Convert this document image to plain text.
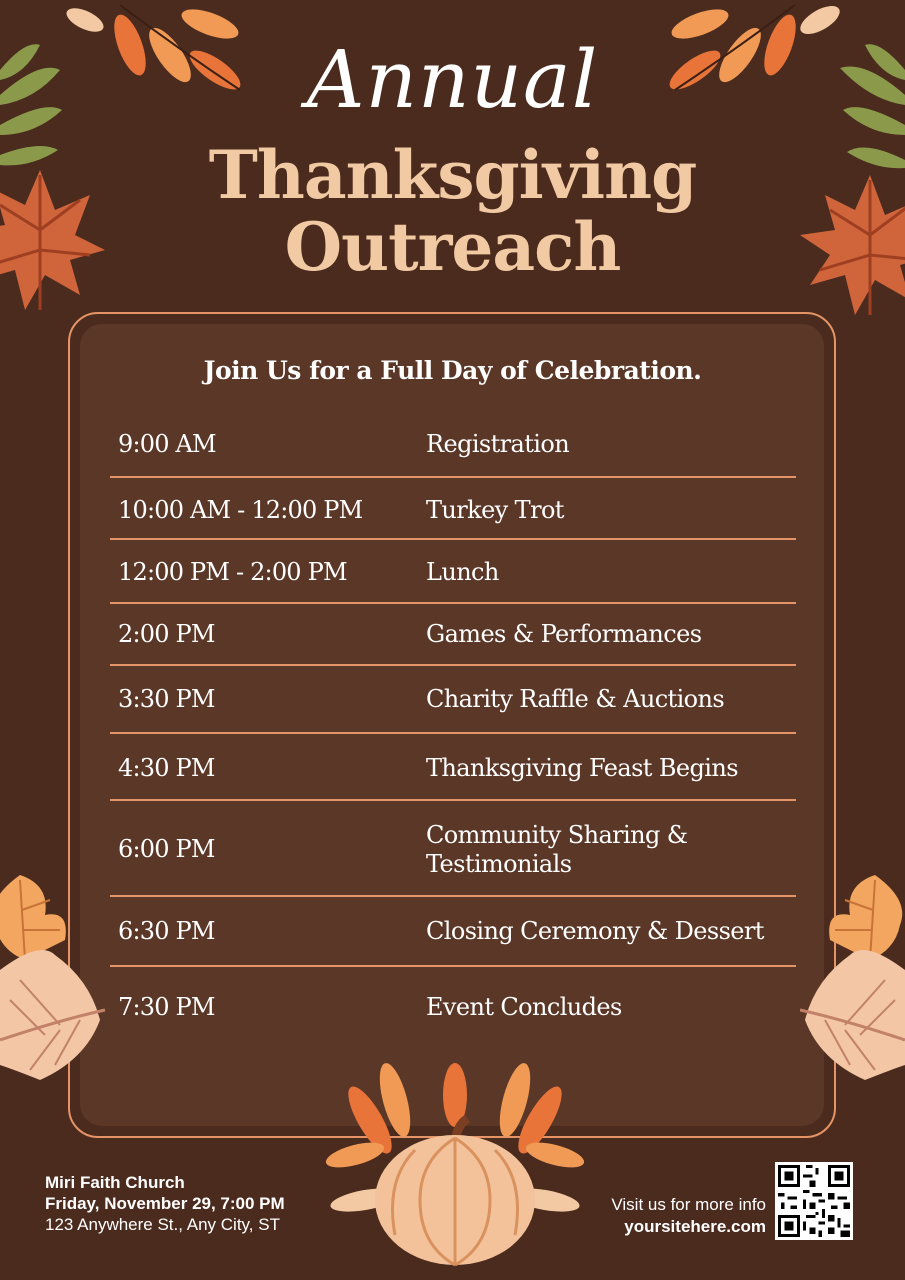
Annual
Thanksgiving
Outreach
Join Us for a Full Day of Celebration.
9:00 AM	Registration
10:00 AM - 12:00 PM	Turkey Trot
12:00 PM - 2:00 PM	Lunch
2:00 PM	Games & Performances
3:30 PM	Charity Raffle & Auctions
4:30 PM	Thanksgiving Feast Begins
6:00 PM	Community Sharing & Testimonials
6:30 PM	Closing Ceremony & Dessert
7:30 PM	Event Concludes
Miri Faith Church
Friday, November 29, 7:00 PM
123 Anywhere St., Any City, ST
Visit us for more info
yoursitehere.com
